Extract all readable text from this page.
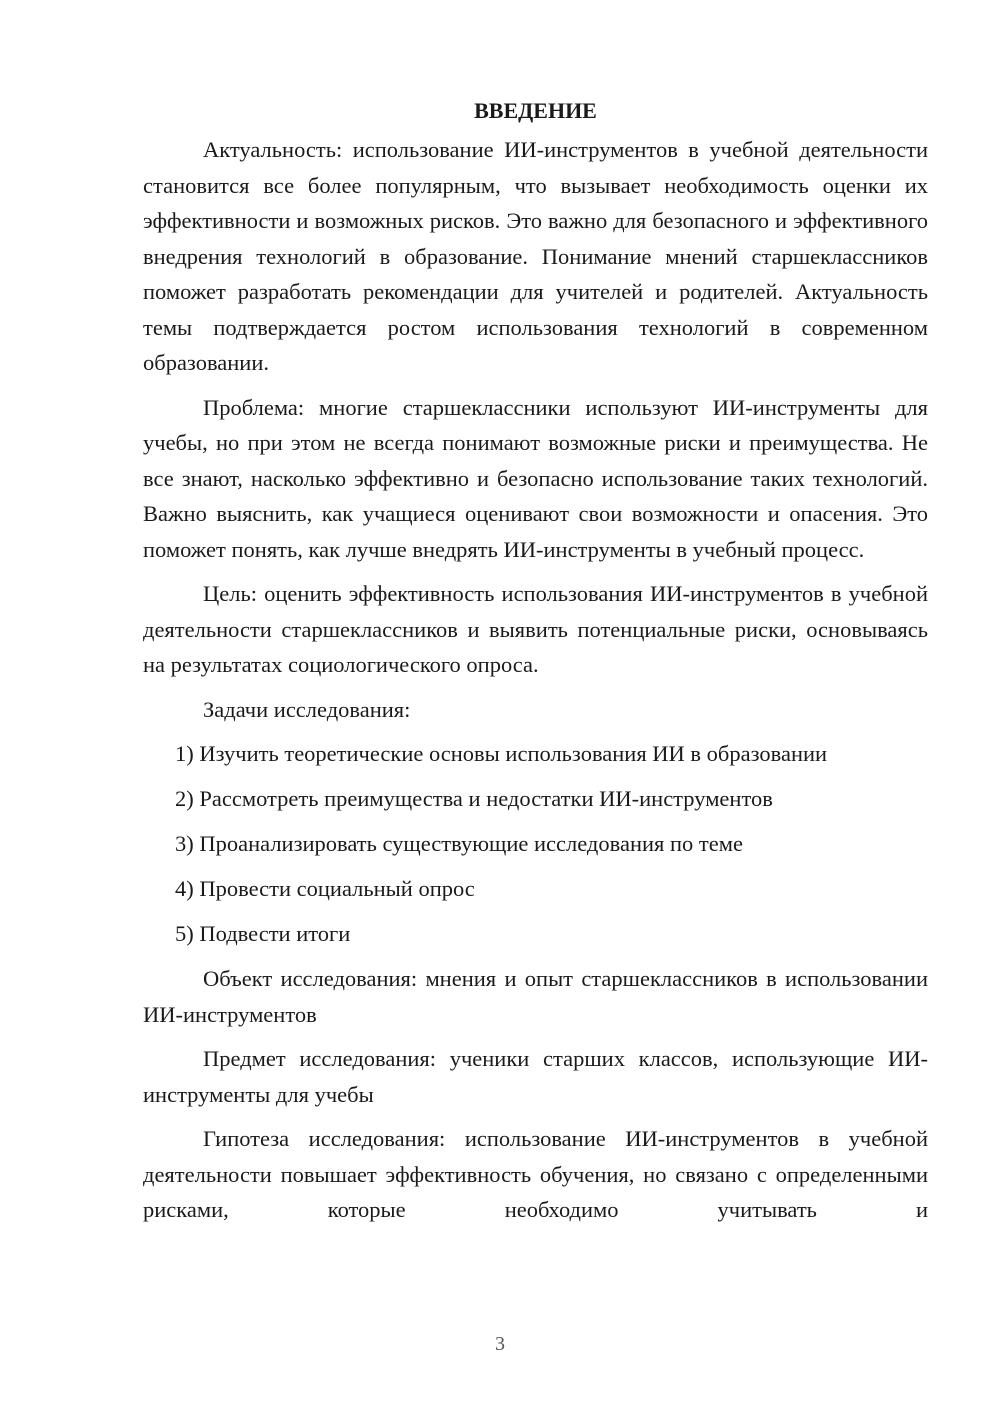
ВВЕДЕНИЕ

Актуальность: использование ИИ-инструментов в учебной деятельности становится все более популярным, что вызывает необходимость оценки их эффективности и возможных рисков. Это важно для безопасного и эффективного внедрения технологий в образование. Понимание мнений старшеклассников поможет разработать рекомендации для учителей и родителей. Актуальность темы подтверждается ростом использования технологий в современном образовании.

Проблема: многие старшеклассники используют ИИ-инструменты для учебы, но при этом не всегда понимают возможные риски и преимущества. Не все знают, насколько эффективно и безопасно использование таких технологий. Важно выяснить, как учащиеся оценивают свои возможности и опасения. Это поможет понять, как лучше внедрять ИИ-инструменты в учебный процесс.

Цель: оценить эффективность использования ИИ-инструментов в учебной деятельности старшеклассников и выявить потенциальные риски, основываясь на результатах социологического опроса.

Задачи исследования:

1) Изучить теоретические основы использования ИИ в образовании
2) Рассмотреть преимущества и недостатки ИИ-инструментов
3) Проанализировать существующие исследования по теме
4) Провести социальный опрос
5) Подвести итоги

Объект исследования: мнения и опыт старшеклассников в использовании ИИ-инструментов

Предмет исследования: ученики старших классов, использующие ИИ-инструменты для учебы

Гипотеза исследования: использование ИИ-инструментов в учебной деятельности повышает эффективность обучения, но связано с определенными рисками, которые необходимо учитывать и

3
